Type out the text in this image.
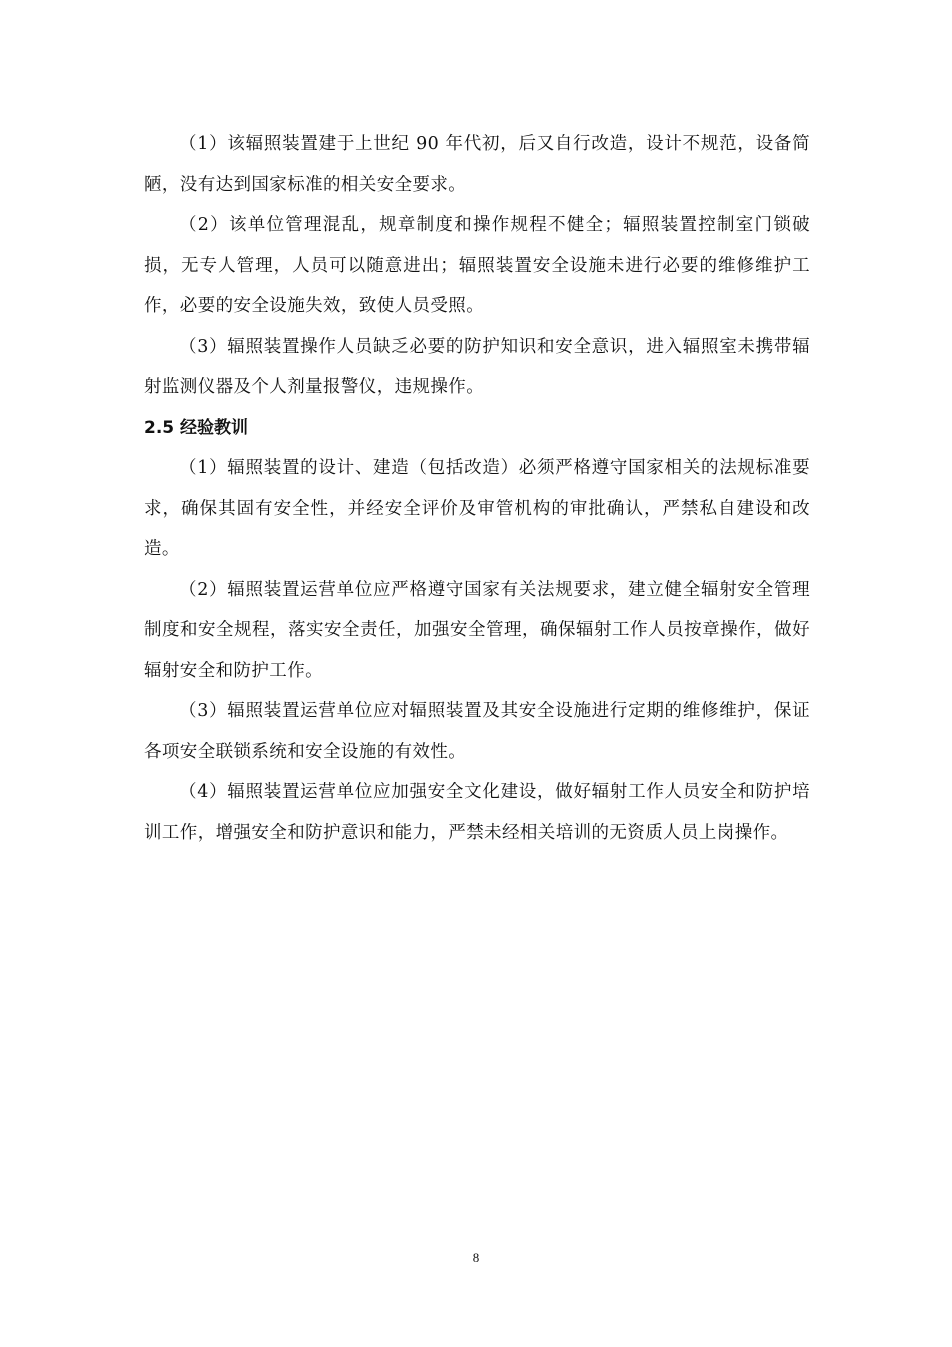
（1）该辐照装置建于上世纪 90 年代初，后又自行改造，设计不规范，设备简陋，没有达到国家标准的相关安全要求。

（2）该单位管理混乱，规章制度和操作规程不健全；辐照装置控制室门锁破损，无专人管理，人员可以随意进出；辐照装置安全设施未进行必要的维修维护工作，必要的安全设施失效，致使人员受照。

（3）辐照装置操作人员缺乏必要的防护知识和安全意识，进入辐照室未携带辐射监测仪器及个人剂量报警仪，违规操作。

2.5 经验教训

（1）辐照装置的设计、建造（包括改造）必须严格遵守国家相关的法规标准要求，确保其固有安全性，并经安全评价及审管机构的审批确认，严禁私自建设和改造。

（2）辐照装置运营单位应严格遵守国家有关法规要求，建立健全辐射安全管理制度和安全规程，落实安全责任，加强安全管理，确保辐射工作人员按章操作，做好辐射安全和防护工作。

（3）辐照装置运营单位应对辐照装置及其安全设施进行定期的维修维护，保证各项安全联锁系统和安全设施的有效性。

（4）辐照装置运营单位应加强安全文化建设，做好辐射工作人员安全和防护培训工作，增强安全和防护意识和能力，严禁未经相关培训的无资质人员上岗操作。

8
